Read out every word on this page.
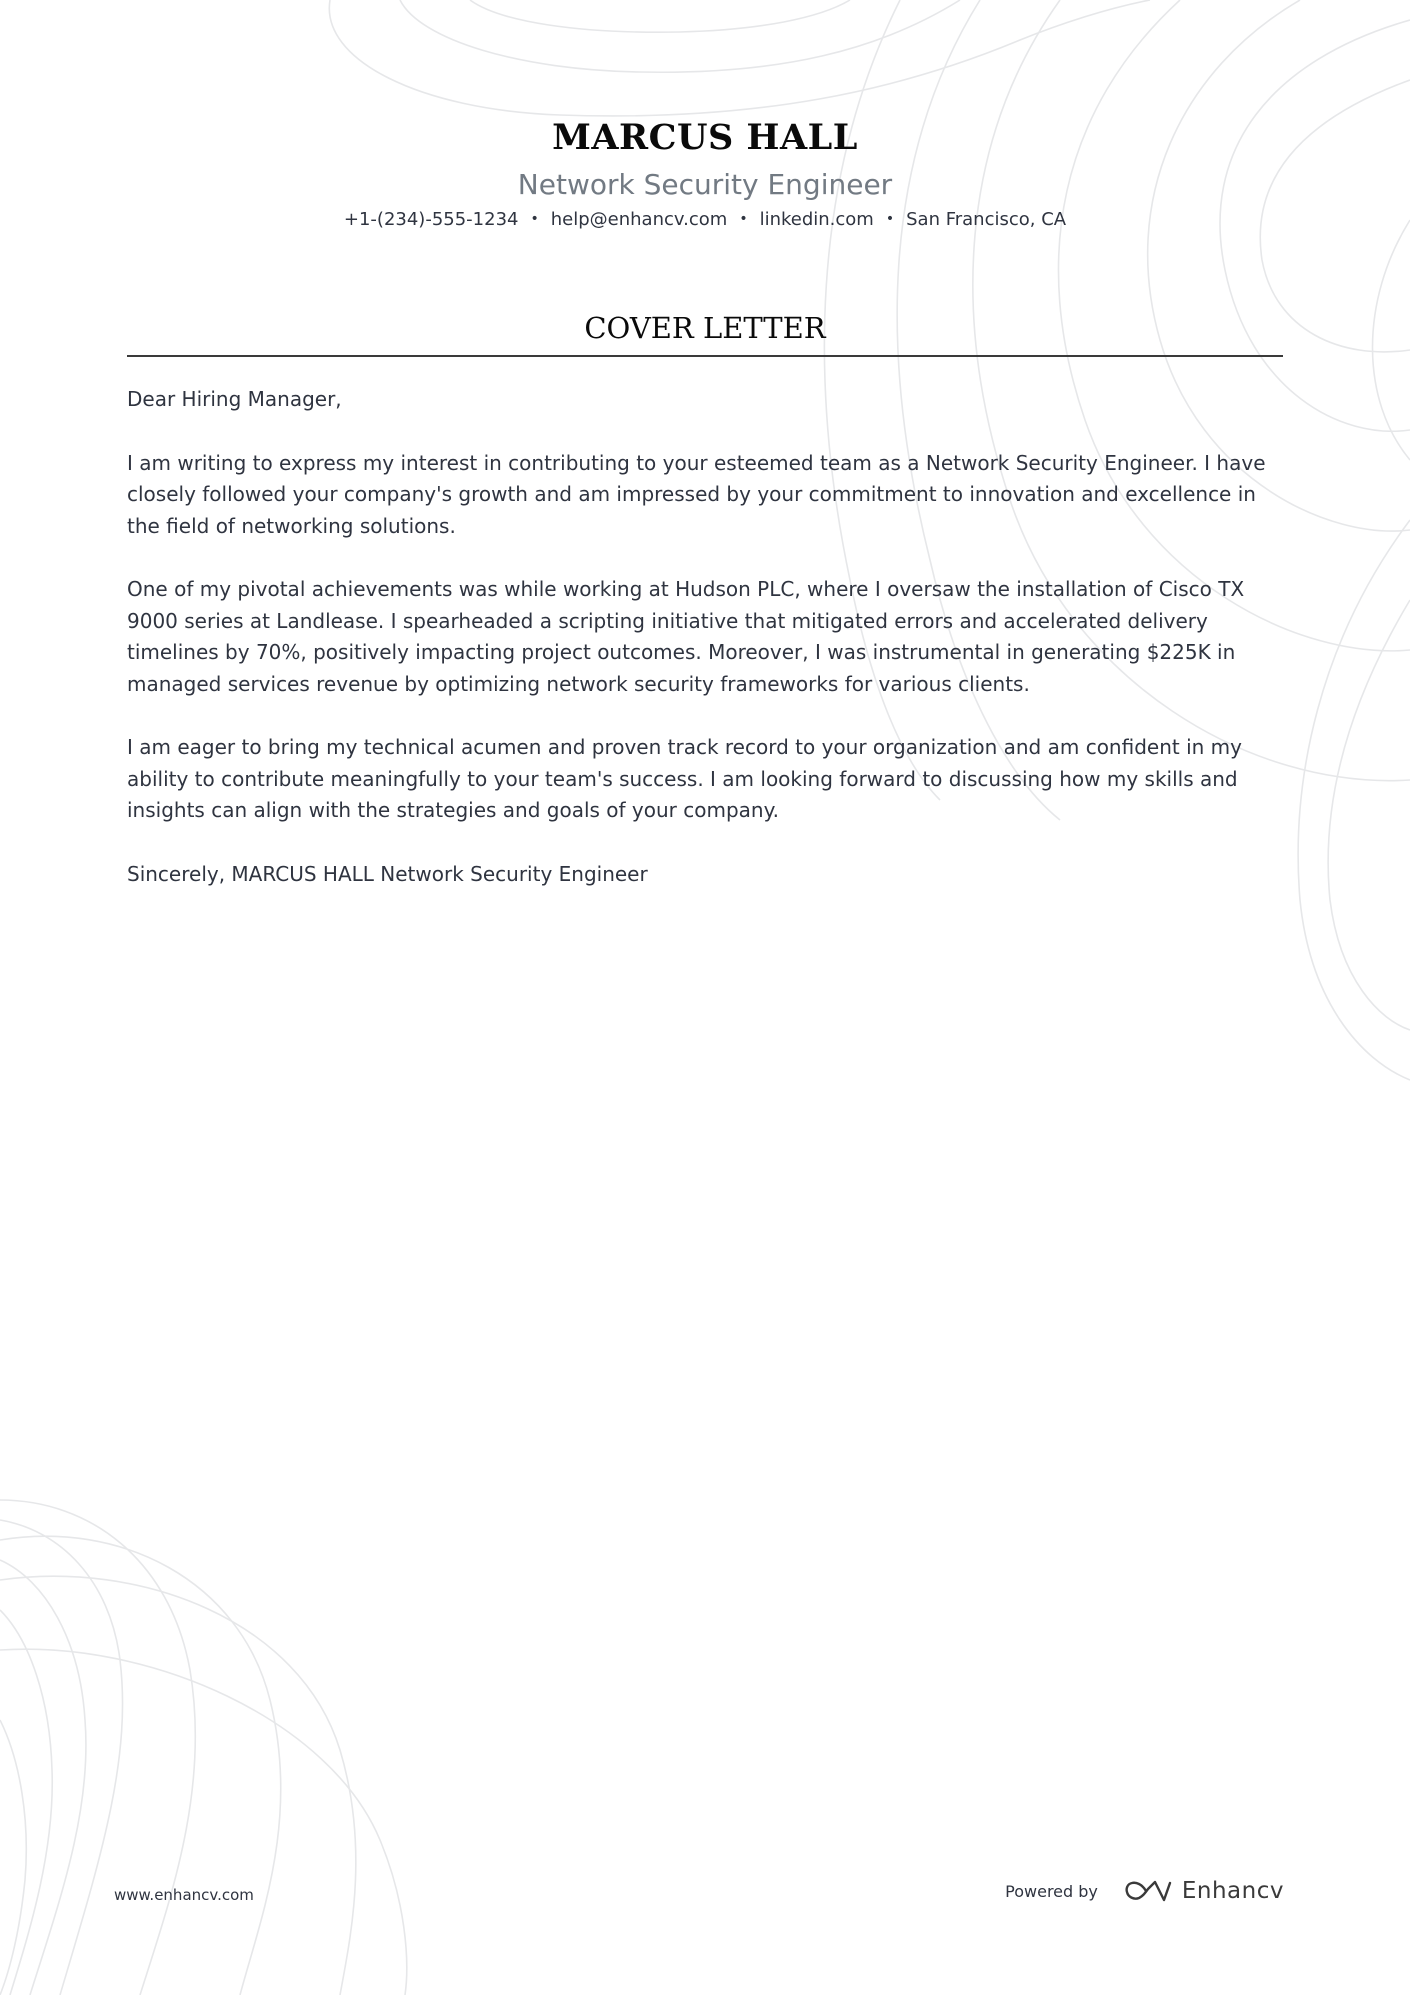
MARCUS HALL
Network Security Engineer
+1-(234)-555-1234 • help@enhancv.com • linkedin.com • San Francisco, CA
COVER LETTER

Dear Hiring Manager,

I am writing to express my interest in contributing to your esteemed team as a Network Security Engineer. I have closely followed your company's growth and am impressed by your commitment to innovation and excellence in the field of networking solutions.

One of my pivotal achievements was while working at Hudson PLC, where I oversaw the installation of Cisco TX 9000 series at Landlease. I spearheaded a scripting initiative that mitigated errors and accelerated delivery timelines by 70%, positively impacting project outcomes. Moreover, I was instrumental in generating $225K in managed services revenue by optimizing network security frameworks for various clients.

I am eager to bring my technical acumen and proven track record to your organization and am confident in my ability to contribute meaningfully to your team's success. I am looking forward to discussing how my skills and insights can align with the strategies and goals of your company.

Sincerely, MARCUS HALL Network Security Engineer

www.enhancv.com	Powered by	Enhancv
